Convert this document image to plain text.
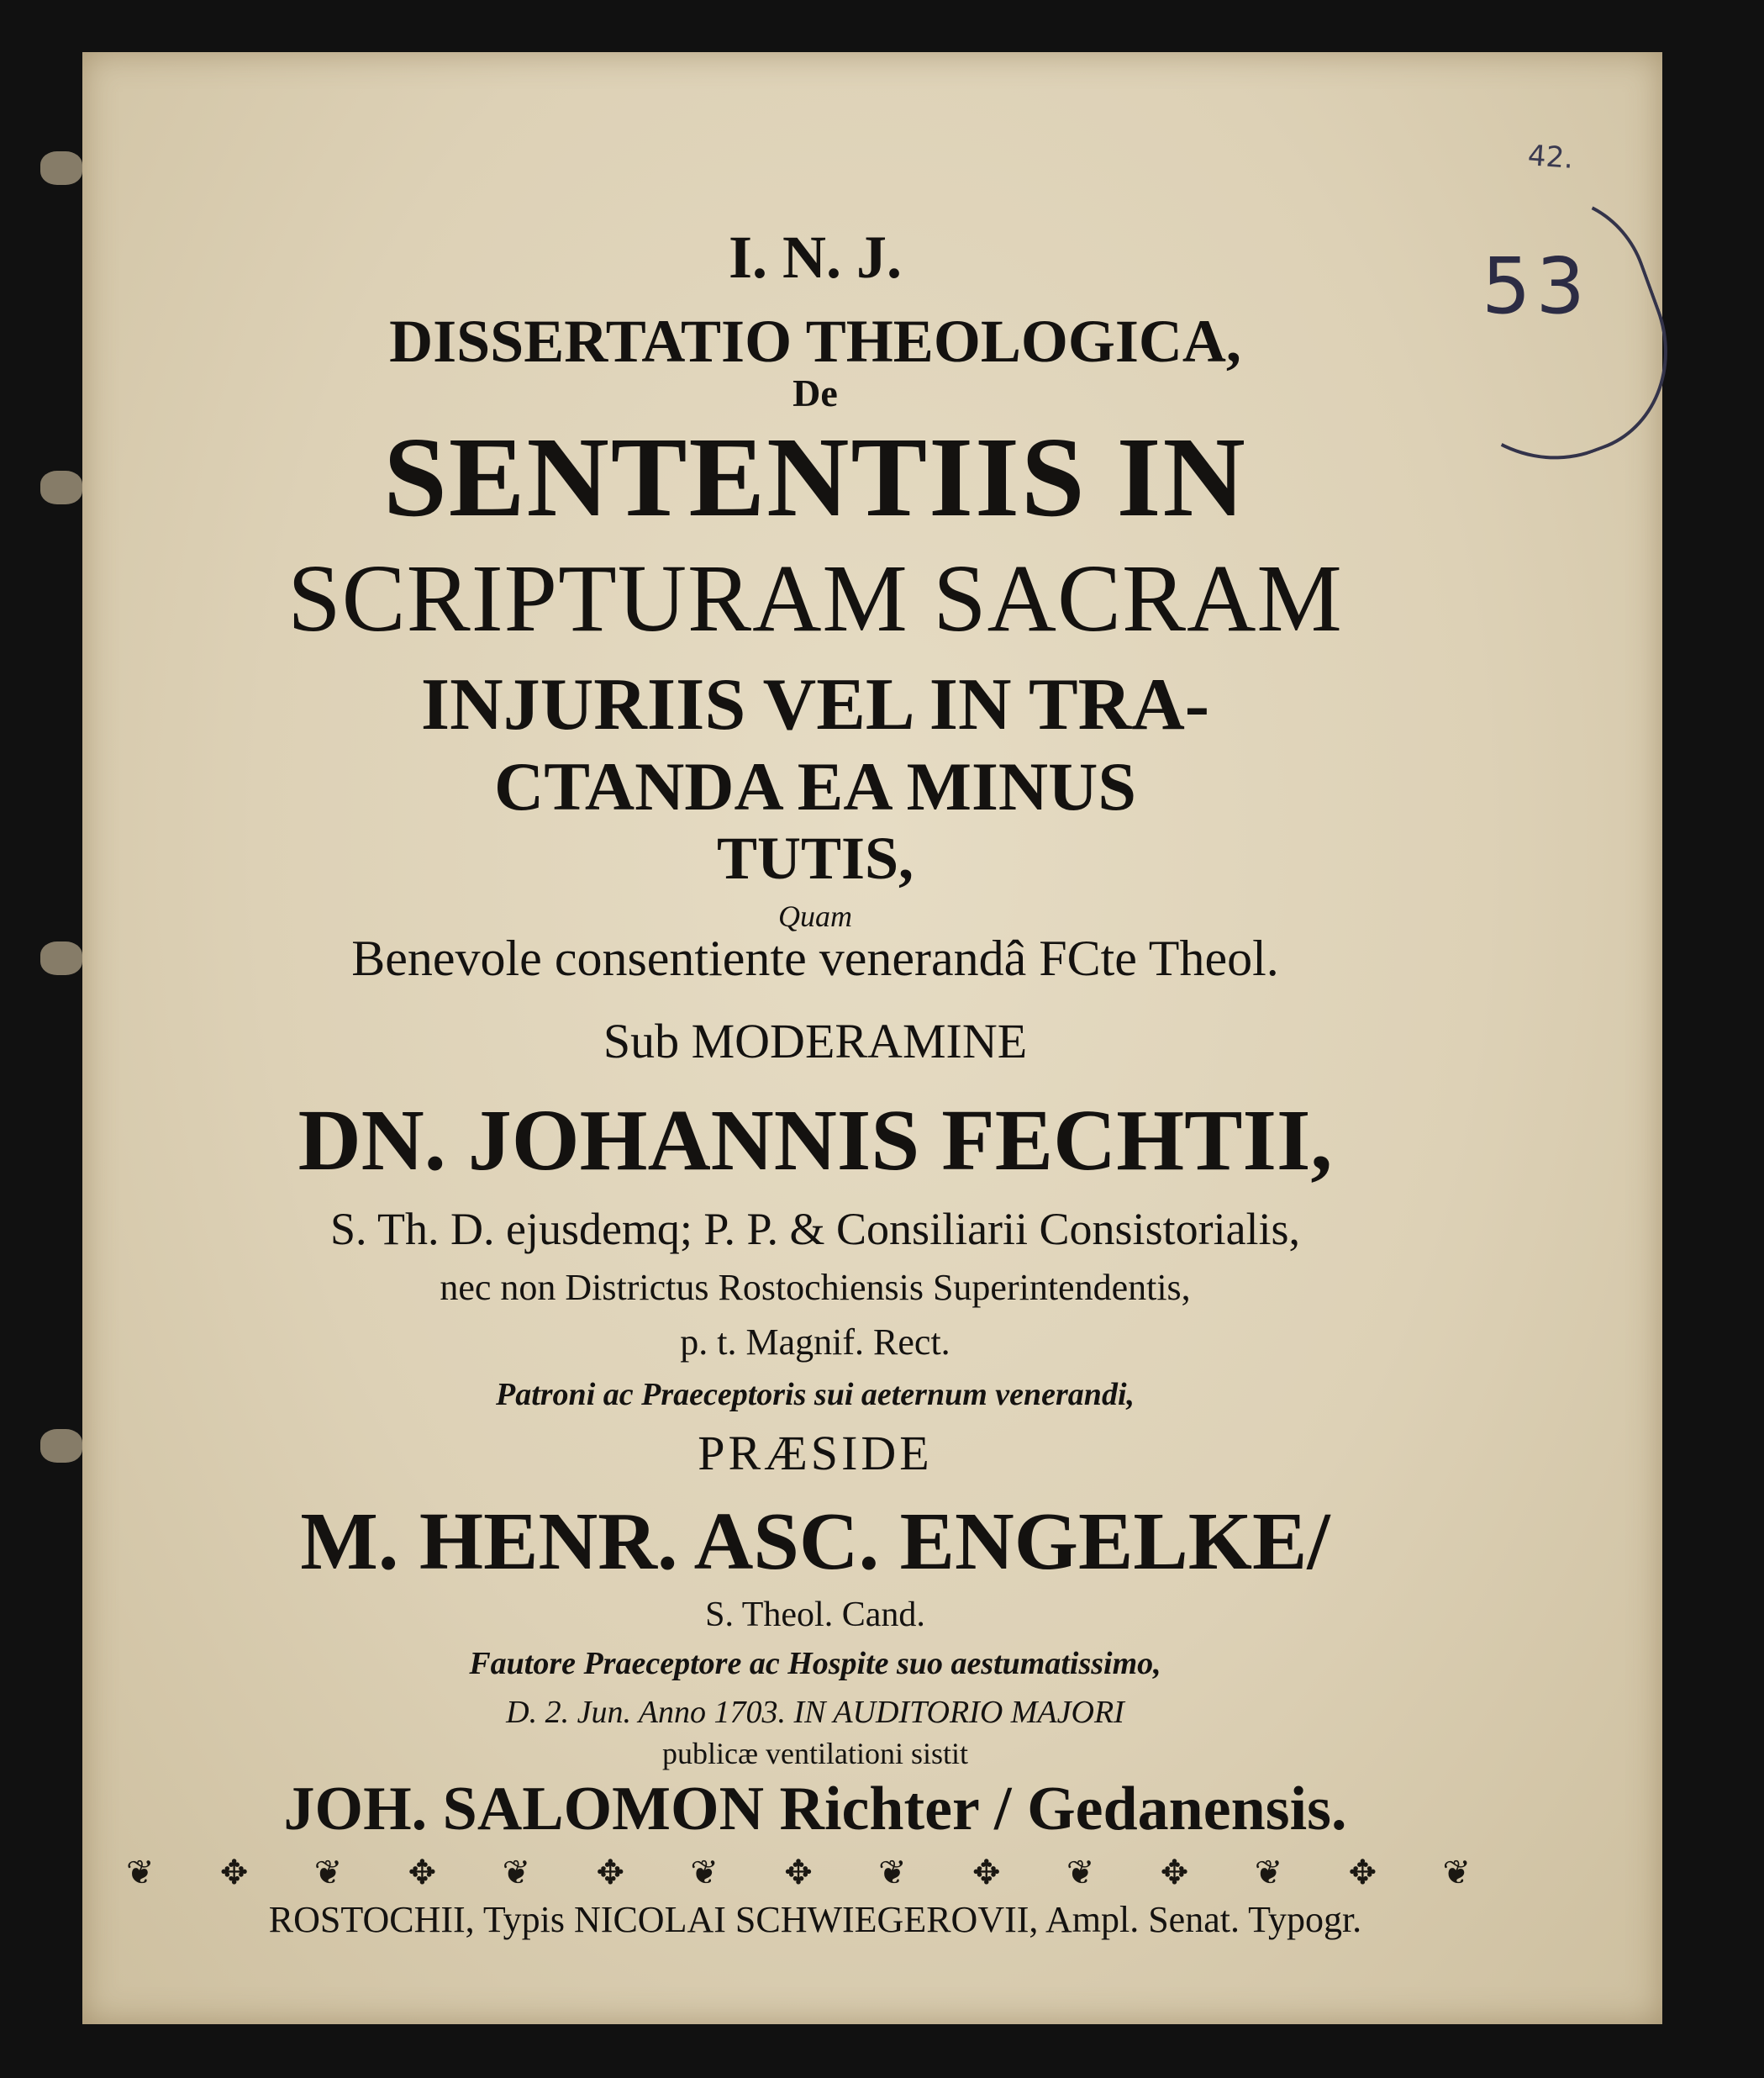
42.
53
I. N. J.
DISSERTATIO THEOLOGICA,
De
SENTENTIIS IN
SCRIPTURAM SACRAM
INJURIIS VEL IN TRA-
CTANDA EA MINUS
TUTIS,
Quam
Benevole consentiente venerandâ FCte Theol.
Sub MODERAMINE
DN. JOHANNIS FECHTII,
S. Th. D. ejusdemq; P. P. & Consiliarii Consistorialis,
nec non Districtus Rostochiensis Superintendentis,
p. t. Magnif. Rect.
Patroni ac Praeceptoris sui aeternum venerandi,
PRÆSIDE
M. HENR. ASC. ENGELKE/
S. Theol. Cand.
Fautore Praeceptore ac Hospite suo aestumatissimo,
D. 2. Jun. Anno 1703. IN AUDITORIO MAJORI
publicæ ventilationi sistit
JOH. SALOMON Richter / Gedanensis.
❦ ✥ ❦ ✥ ❦ ✥ ❦ ✥ ❦ ✥ ❦ ✥ ❦ ✥ ❦
ROSTOCHII, Typis NICOLAI SCHWIEGEROVII, Ampl. Senat. Typogr.
